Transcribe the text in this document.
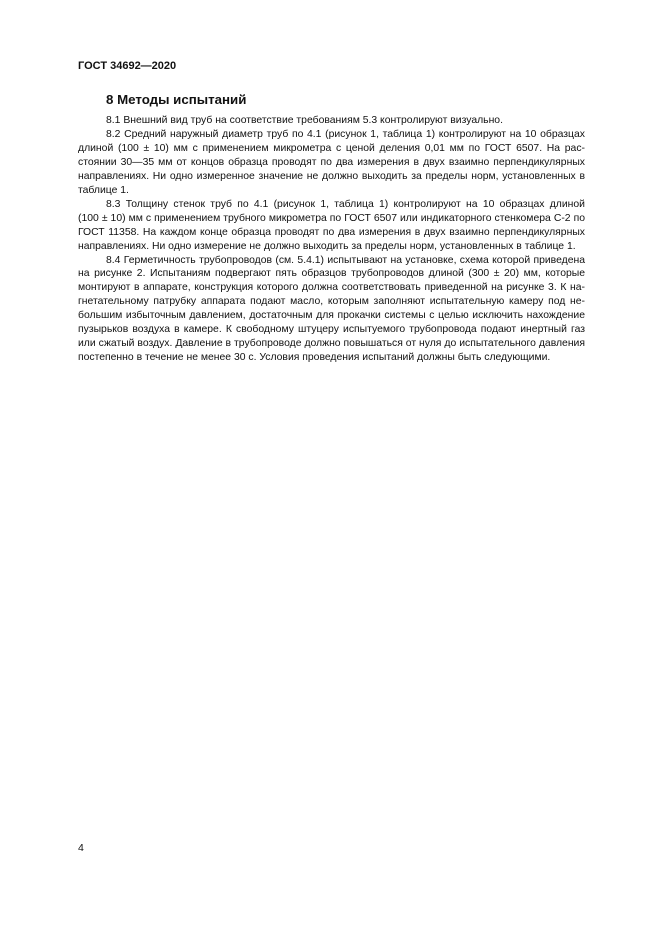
ГОСТ 34692—2020
8 Методы испытаний
8.1 Внешний вид труб на соответствие требованиям 5.3 контролируют визуально.
8.2 Средний наружный диаметр труб по 4.1 (рисунок 1, таблица 1) контролируют на 10 образцах
длиной (100 ± 10) мм с применением микрометра с ценой деления 0,01 мм по ГОСТ 6507. На рас-
стоянии 30—35 мм от концов образца проводят по два измерения в двух взаимно перпендикулярных
направлениях. Ни одно измеренное значение не должно выходить за пределы норм, установленных в
таблице 1.
8.3 Толщину стенок труб по 4.1 (рисунок 1, таблица 1) контролируют на 10 образцах длиной
(100 ± 10) мм с применением трубного микрометра по ГОСТ 6507 или индикаторного стенкомера С-2 по
ГОСТ 11358. На каждом конце образца проводят по два измерения в двух взаимно перпендикулярных
направлениях. Ни одно измерение не должно выходить за пределы норм, установленных в таблице 1.
8.4 Герметичность трубопроводов (см. 5.4.1) испытывают на установке, схема которой приведена
на рисунке 2. Испытаниям подвергают пять образцов трубопроводов длиной (300 ± 20) мм, которые
монтируют в аппарате, конструкция которого должна соответствовать приведенной на рисунке 3. К на-
гнетательному патрубку аппарата подают масло, которым заполняют испытательную камеру под не-
большим избыточным давлением, достаточным для прокачки системы с целью исключить нахождение
пузырьков воздуха в камере. К свободному штуцеру испытуемого трубопровода подают инертный газ
или сжатый воздух. Давление в трубопроводе должно повышаться от нуля до испытательного давления
постепенно в течение не менее 30 с. Условия проведения испытаний должны быть следующими.
4
